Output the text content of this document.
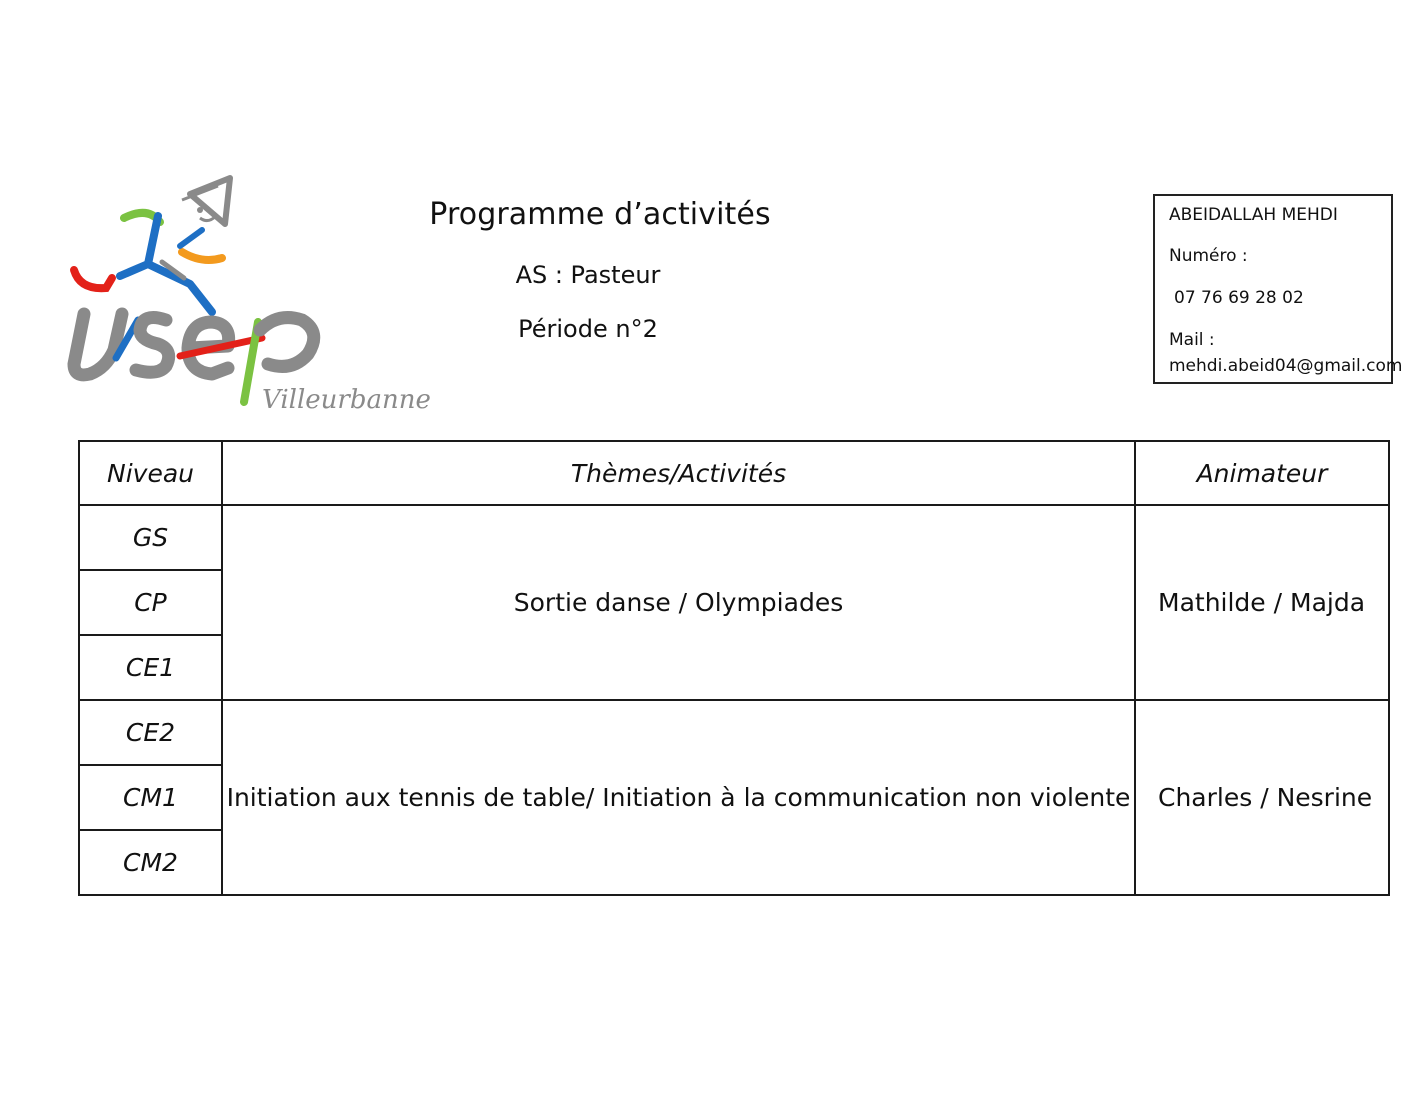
Villeurbanne
Programme d’activités
AS : Pasteur
Période n°2
ABEIDALLAH MEHDI
Numéro :
07 76 69 28 02
Mail :
mehdi.abeid04@gmail.com
Niveau	Thèmes/Activités	Animateur
GS	Sortie danse / Olympiades	Mathilde / Majda
CP		
CE1		
CE2	Initiation aux tennis de table/ Initiation à la communication non violente	Charles / Nesrine
CM1		
CM2		
